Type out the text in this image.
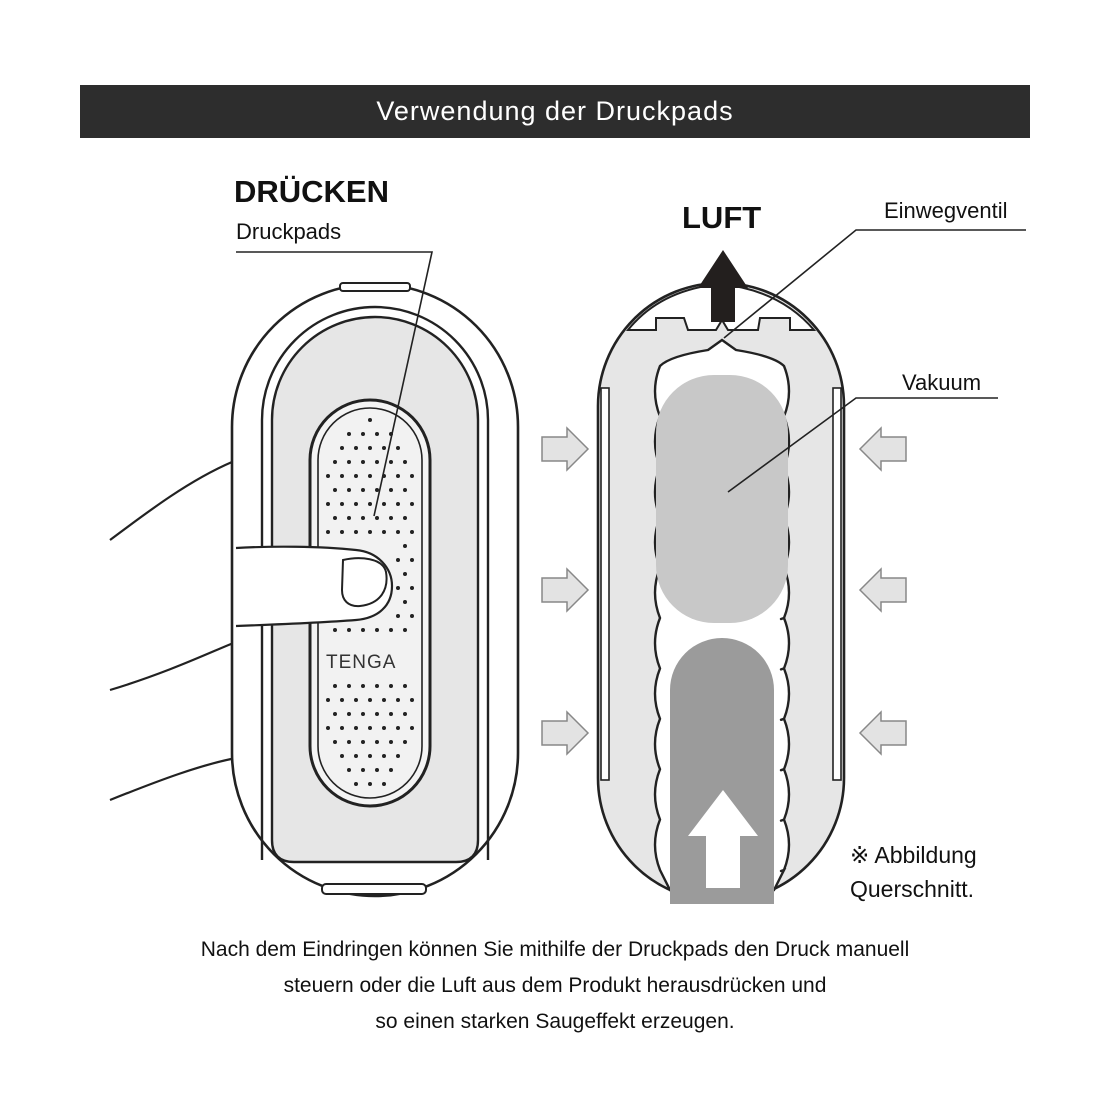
Verwendung der Druckpads
TENGA
DRÜCKEN
Druckpads	LUFT	Einwegventil
Vakuum
※ Abbildung
Querschnitt.
Nach dem Eindringen können Sie mithilfe der Druckpads den Druck manuell
steuern oder die Luft aus dem Produkt herausdrücken und
so einen starken Saugeffekt erzeugen.
